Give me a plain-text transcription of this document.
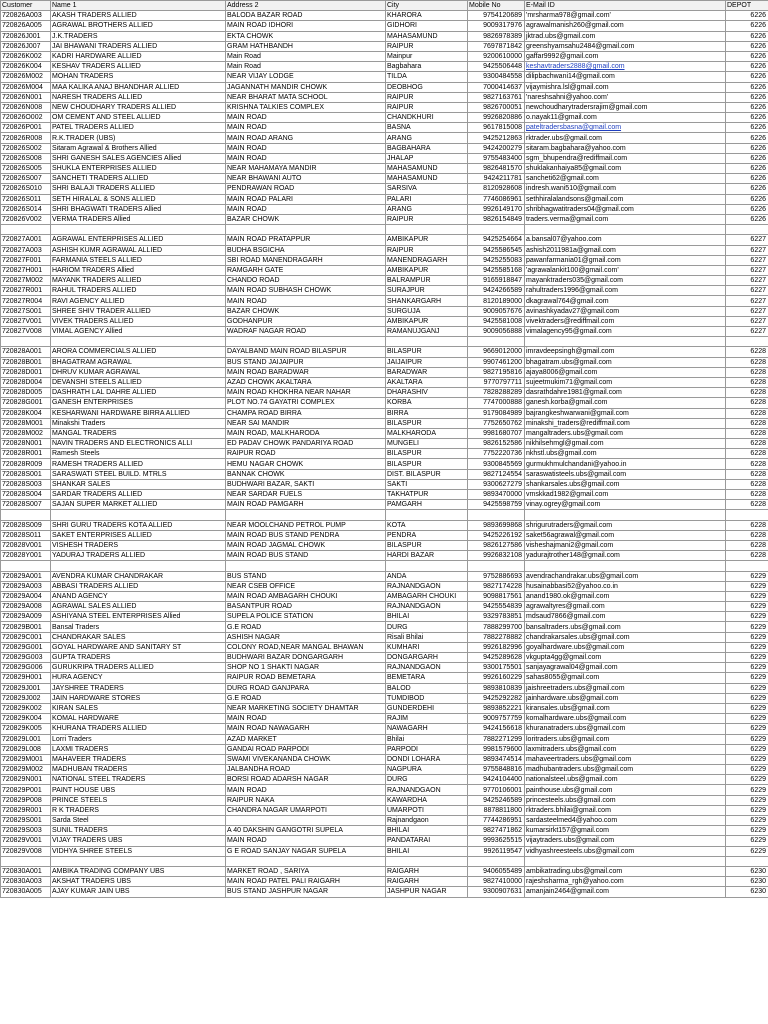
Customer	Name 1	Address 2	City	Mobile No	E-Mail ID	DEPOT
720826A003	AKASH TRADERS ALLIED	BALODA BAZAR ROAD	KHARORA	9754120689	'mrsharma978@gmail.com'	6226
720826A005	AGRAWAL BROTHERS ALLIED	MAIN ROAD IDHORI	GIDHORI	9009317976	agrawalmanish260@gmail.com	6226
720826J001	J.K.TRADERS	EKTA CHOWK	MAHASAMUND	9826978389	jktrad.ubs@gmail.com	6226
720826J007	JAI BHAWANI TRADERS ALLIED	GRAM HATHBANDH	RAIPUR	7697871842	greenshyamsahu2484@gmail.com	6226
720826K002	KADRI HARDWARE ALLIED	Main Road	Mainpur	9200610000	gaffar9992@gmail.com	6226
720826K004	KESHAV TRADERS ALLIED	Main Road	Bagbahara	9425506448	keshavtraders2888@gmail.com	6226
720826M002	MOHAN TRADERS	NEAR VIJAY LODGE	TILDA	9300484558	dilipbachwani14@gmail.com	6226
720826M004	MAA KALIKA ANAJ BHANDHAR ALLIED	JAGANNATH MANDIR CHOWK	DEOBHOG	7000414637	vijaymishra.lsl@gmail.com	6226
720826N001	NARESH TRADERS ALLIED	NEAR BHARAT MATA SCHOOL	RAIPUR	9827163761	'nareshsahni@yahoo.com'	6226
720826N008	NEW CHOUDHARY TRADERS ALLIED	KRISHNA TALKIES COMPLEX	RAIPUR	9826700051	newchoudharytradersrajim@gmail.com	6226
720826O002	OM CEMENT AND STEEL ALLIED	MAIN ROAD	CHANDKHURI	9926820886	o.nayak11@gmail.com	6226
720826P001	PATEL TRADERS ALLIED	MAIN ROAD	BASNA	9617815008	pateltradersbasna@gmail.com	6226
720826R008	R.K.TRADER (UBS)	MAIN ROAD ARANG	ARANG	9425212863	rktrader.ubs@gmail.com	6226
720826S002	Sitaram Agrawal & Brothers Allied	MAIN ROAD	BAGBAHARA	9424200279	sitaram.bagbahara@yahoo.com	6226
720826S008	SHRI GANESH SALES AGENCIES Allied	MAIN ROAD	JHALAP	9755483400	sgm_bhupendra@rediffmail.com	6226
720826S005	SHUKLA ENTERPRISES ALLIED	NEAR MAHAMAYA MANDIR	MAHASAMUND	9826481570	shuklakanhaiya85@gmail.com	6226
720826S007	SANCHETI TRADERS ALLIED	NEAR BHAWANI AUTO	MAHASAMUND	9424211781	sancheti62@gmail.com	6226
720826S010	SHRI BALAJI TRADERS ALLIED	PENDRAWAN ROAD	SARSIVA	8120928608	indresh.wani510@gmail.com	6226
720826S011	SETH HIRALAL & SONS ALLIED	MAIN ROAD PALARI	PALARI	7746086961	sethhiralalandsons@gmail.com	6226
720826S014	SHRI BHAGWATI TRADERS Allied	MAIN ROAD	ARANG	9926149170	shribhagwatitraders04@gmail.com	6226
720826V002	VERMA TRADERS Allied	BAZAR CHOWK	RAIPUR	9826154849	traders.verma@gmail.com	6226

720827A001	AGRAWAL ENTERPRISES ALLIED	MAIN ROAD PRATAPPUR	AMBIKAPUR	9425254664	a.bansal07@yahoo.com	6227
720827A003	ASHISH KUMR AGRAWAL ALLIED	BUDHA BSGICHA	RAIPUR	9425586545	ashish2011981a@gmail.com	6227
720827F001	FARMANIA STEELS ALLIED	SBI ROAD MANENDRAGARH	MANENDRAGARH	9425255083	pawanfarmania01@gmail.com	6227
720827H001	HARIOM TRADERS Allied	RAMGARH GATE	AMBIKAPUR	9425585168	'agrawalankit100@gmail.com'	6227
720827M002	MAYANK TRADERS ALLIED	CHANDO ROAD	BALRAMPUR	9165918847	mayanktraders035@gmail.com	6227
720827R001	RAHUL TRADERS ALLIED	MAIN ROAD SUBHASH CHOWK	SURAJPUR	9424266589	rahultraders1996@gmail.com	6227
720827R004	RAVI AGENCY ALLIED	MAIN ROAD	SHANKARGARH	8120189000	dkagrawal764@gmail.com	6227
720827S001	SHREE SHIV TRADER ALLIED	BAZAR CHOWK	SURGUJA	9009057676	avinashkyadav27@gmail.com	6227
720827V001	VIVEK TRADERS ALLIED	GODHANPUR	AMBIKAPUR	9425581008	vivektraders@rediffmail.com	6227
720827V008	VIMAL AGENCY Allied	WADRAF NAGAR ROAD	RAMANUJGANJ	9009056888	vimalagency95@gmail.com	6227

720828A001	ARORA COMMERCIALS ALLIED	DAYALBAND MAIN ROAD BILASPUR	BILASPUR	9669012000	imravdeepsingh@gmail.com	6228
720828B001	BHAGATRAM AGRAWAL	BUS STAND JAIJAIPUR	JAIJAIPUR	9907461200	bhagatram.ubs@gmail.com	6228
720828D001	DHRUV KUMAR AGRAWAL	MAIN ROAD BARADWAR	BARADWAR	9827195816	ajaya8006@gmail.com	6228
720828D004	DEVANSHI STEELS ALLIED	AZAD CHOWK AKALTARA	AKALTARA	9770797711	sujeetmukim71@gmail.com	6228
720828D005	DASHRATH LAL DAHRE ALLIED	MAIN ROAD KHOKHRA NEAR NAHAR	DHARASHIV	7828288289	dasrathdahre1981@gmail.com	6228
720828G001	GANESH ENTERPRISES	PLOT NO.74 GAYATRI COMPLEX	KORBA	7747000888	ganesh.korba@gmail.com	6228
720828K004	KESHARWANI HARDWARE BIRRA ALLIED	CHAMPA ROAD BIRRA	BIRRA	9179084989	bajrangkeshwarwani@gmail.com	6228
720828M001	Minakshi Traders	NEAR SAI MANDIR	BILASPUR	7752650762	minakshi_traders@rediffmail.com	6228
720828M002	MANGAL TRADERS	MAIN ROAD, MALKHARODA	MALKHARODA	9981680707	mangaltraders.ubs@gmail.com	6228
720828N001	NAVIN TRADERS AND ELECTRONICS ALLI	ED PADAV CHOWK PANDARIYA ROAD	MUNGELI	9826152586	nikhilsehmgl@gmail.com	6228
720828R001	Ramesh Steels	RAIPUR ROAD	BILASPUR	7752220736	nkhstl.ubs@gmail.com	6228
720828R009	RAMESH TRADERS ALLIED	HEMU NAGAR CHOWK	BILASPUR	9300845569	gurmukhmulchandani@yahoo.in	6228
720828S001	SARASWATI STEEL BUILD. MTRLS	BANNAK CHOWK	DIST. BILASPUR	9827124554	saraswatisteels.ubs@gmail.com	6228
720828S003	SHANKAR SALES	BUDHWARI BAZAR, SAKTI	SAKTI	9300627279	shankarsales.ubs@gmail.com	6228
720828S004	SARDAR TRADERS ALLIED	NEAR SARDAR FUELS	TAKHATPUR	9893470000	vmskkad1982@gmail.com	6228
720828S007	SAJAN SUPER MARKET ALLIED	MAIN ROAD PAMGARH	PAMGARH	9425598759	vinay.ogrey@gmail.com	6228

720828S009	SHRI GURU TRADERS KOTA ALLIED	NEAR MOOLCHAND PETROL PUMP	KOTA	9893699868	shrigurutraders@gmail.com	6228
720828S011	SAKET ENTERPRISES ALLIED	MAIN ROAD BUS STAND PENDRA	PENDRA	9425226192	saket56agrawal@gmail.com	6228
720828V001	VISHESH TRADERS	MAIN ROAD JAGMAL CHOWK	BILASPUR	9826127586	visheshajmani2@gmail.com	6228
720828Y001	YADURAJ TRADERS ALLIED	MAIN ROAD BUS STAND	HARDI BAZAR	9926832108	yadurajtrother148@gmail.com	6228

720829A001	AVENDRA KUMAR CHANDRAKAR	BUS STAND	ANDA	9752886693	avendrachandrakar.ubs@gmail.com	6229
720829A003	ABBASI TRADERS ALLIED	NEAR CSEB OFFICE	RAJNANDGAON	9827174228	husainabbasi52@yahoo.co.in	6229
720829A004	ANAND AGENCY	MAIN ROAD AMBAGARH CHOUKI	AMBAGARH CHOUKI	9098817561	anand1980.ok@gmail.com	6229
720829A008	AGRAWAL SALES ALLIED	BASANTPUR ROAD	RAJNANDGAON	9425554839	agrawaltyres@gmail.com	6229
720829A009	ASHIYANA STEEL ENTERPRISES Allied	SUPELA POLICE STATION	BHILAI	9329783851	mdsaud7866@gmail.com	6229
720829B001	Bansal Traders	G.E ROAD	DURG	7888299700	bansaltraders.ubs@gmail.com	6229
720829C001	CHANDRAKAR SALES	ASHISH NAGAR	Risali Bhilai	7882278882	chandrakarsales.ubs@gmail.com	6229
720829G001	GOYAL HARDWARE AND SANITARY ST	COLONY ROAD,NEAR MANGAL BHAWAN	KUMHARI	9926182996	goyalhardware.ubs@gmail.com	6229
720829G003	GUPTA TRADERS	BUDHWARI BAZAR DONGARGARH	DONGARGARH	9425289628	vkgupta4gg@gmail.com	6229
720829G006	GURUKRIPA TRADERS ALLIED	SHOP NO 1 SHAKTI NAGAR	RAJNANDGAON	9300175501	sanjayagrawal04@gmail.com	6229
720829H001	HURA AGENCY	RAIPUR ROAD BEMETARA	BEMETARA	9926160229	sahas8055@gmail.com	6229
720829J001	JAYSHREE TRADERS	DURG ROAD GANJPARA	BALOD	9893810839	jaishreetraders.ubs@gmail.com	6229
720829J002	JAIN HARDWARE STORES	G.E ROAD	TUMDIBOD	9425292282	jainhardware.ubs@gmail.com	6229
720829K002	KIRAN SALES	NEAR MARKETING SOCIETY DHAMTAR	GUNDERDEHI	9893852221	kiransales.ubs@gmail.com	6229
720829K004	KOMAL HARDWARE	MAIN ROAD	RAJIM	9009757759	komalhardware.ubs@gmail.com	6229
720829K005	KHURANA TRADERS ALLIED	MAIN ROAD NAWAGARH	NAWAGARH	9424156618	khuranatraders.ubs@gmail.com	6229
720829L001	Lorri Traders	AZAD MARKET	Bhilai	7882271299	loritraders.ubs@gmail.com	6229
720829L008	LAXMI TRADERS	GANDAI ROAD PARPODI	PARPODI	9981579600	laxmitraders.ubs@gmail.com	6229
720829M001	MAHAVEER TRADERS	SWAMI VIVEKANANDA CHOWK	DONDI LOHARA	9893474514	mahaveertraders.ubs@gmail.com	6229
720829M002	MADHUBAN TRADERS	JALBANDHA ROAD	NAGPURA	9755848816	madhubantraders.ubs@gmail.com	6229
720829N001	NATIONAL STEEL TRADERS	BORSI ROAD ADARSH NAGAR	DURG	9424104400	nationalsteel.ubs@gmail.com	6229
720829P001	PAINT HOUSE UBS	MAIN ROAD	RAJNANDGAON	9770106001	painthouse.ubs@gmail.com	6229
720829P008	PRINCE STEELS	RAIPUR NAKA	KAWARDHA	9425246589	princesteels.ubs@gmail.com	6229
720829R001	R K TRADERS	CHANDRA NAGAR UMARPOTI	UMARPOTI	8878811800	rktraders.bhilai@gmail.com	6229
720829S001	Sarda Steel		Rajnandgaon	7744286951	sardasteelmed4@yahoo.com	6229
720829S003	SUNIL TRADERS	A 40 DAKSHIN GANGOTRI SUPELA	BHILAI	9827471862	kumarsirkt157@gmail.com	6229
720829V001	VIJAY TRADERS UBS	MAIN ROAD	PANDATARAI	9993625515	vijaytraders.ubs@gmail.com	6229
720829V008	VIDHYA SHREE STEELS	G E ROAD SANJAY NAGAR SUPELA	BHILAI	9926119547	vidhyashreesteels.ubs@gmail.com	6229

720830A001	AMBIKA TRADING COMPANY UBS	MARKET ROAD , SARIYA	RAIGARH	9406055489	ambikatrading.ubs@gmail.com	6230
720830A003	AKSHAT TRADERS UBS	MAIN ROAD PATEL PALI RAIGARH	RAIGARH	9827410000	rajeshsharma_rgh@yahoo.com	6230
720830A005	AJAY KUMAR JAIN UBS	BUS STAND JASHPUR NAGAR	JASHPUR NAGAR	9300907631	amanjain2464@gmail.com	6230
